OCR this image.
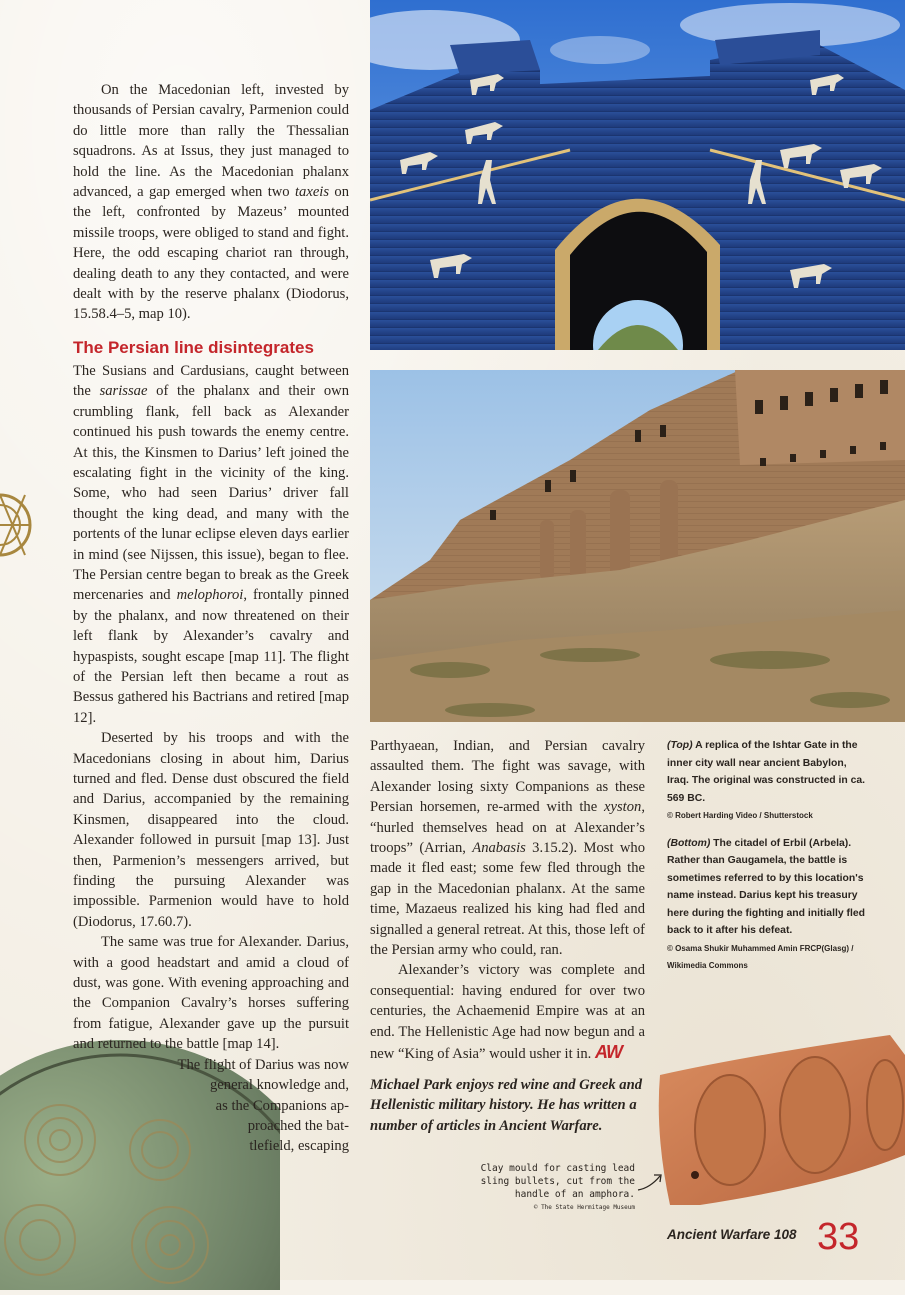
On the Macedonian left, invested by thousands of Persian cavalry, Parmenion could do little more than rally the Thessalian squadrons. As at Issus, they just managed to hold the line. As the Macedonian phalanx advanced, a gap emerged when two taxeis on the left, confronted by Mazeus’ mounted missile troops, were obliged to stand and fight. Here, the odd escaping chariot ran through, dealing death to any they contacted, and were dealt with by the reserve phalanx (Diodorus, 15.58.4–5, map 10).

The Persian line disintegrates

The Susians and Cardusians, caught between the sarissae of the phalanx and their own crumbling flank, fell back as Alexander continued his push towards the enemy centre. At this, the Kinsmen to Darius’ left joined the escalating fight in the vicinity of the king. Some, who had seen Darius’ driver fall thought the king dead, and many with the portents of the lunar eclipse eleven days earlier in mind (see Nijssen, this issue), began to flee. The Persian centre began to break as the Greek mercenaries and melophoroi, frontally pinned by the phalanx, and now threatened on their left flank by Alexander’s cavalry and hypaspists, sought escape [map 11]. The flight of the Persian left then became a rout as Bessus gathered his Bactrians and retired [map 12].

Deserted by his troops and with the Macedonians closing in about him, Darius turned and fled. Dense dust obscured the field and Darius, accompanied by the remaining Kinsmen, disappeared into the cloud. Alexander followed in pursuit [map 13]. Just then, Parmenion’s messengers arrived, but finding the pursuing Alexander was impossible. Parmenion would have to hold (Diodorus, 17.60.7).

The same was true for Alexander. Darius, with a good headstart and amid a cloud of dust, was gone. With evening approaching and the Companion Cavalry’s horses suffering from fatigue, Alexander gave up the pursuit and returned to the battle [map 14].

The flight of Darius was now
general knowledge and,
as the Companions ap-
proached the bat-
tlefield, escaping

Parthyaean, Indian, and Persian cavalry assaulted them. The fight was savage, with Alexander losing sixty Companions as these Persian horsemen, re-armed with the xyston, “hurled themselves head on at Alexander’s troops” (Arrian, Anabasis 3.15.2). Most who made it fled east; some few fled through the gap in the Macedonian phalanx. At the same time, Mazaeus realized his king had fled and signalled a general retreat. At this, those left of the Persian army who could, ran.

Alexander’s victory was complete and consequential: having endured for over two centuries, the Achaemenid Empire was at an end. The Hellenistic Age had now begun and a new “King of Asia” would usher it in. AW

Michael Park enjoys red wine and Greek and Hellenistic military history. He has written a number of articles in Ancient Warfare.
(Top) A replica of the Ishtar Gate in the inner city wall near ancient Babylon, Iraq. The original was constructed in ca. 569 BC.
© Robert Harding Video / Shutterstock
(Bottom) The citadel of Erbil (Arbela). Rather than Gaugamela, the battle is sometimes referred to by this location's name instead. Darius kept his treasury here during the fighting and initially fled back to it after his defeat.
© Osama Shukir Muhammed Amin FRCP(Glasg) / Wikimedia Commons
Clay mould for casting lead sling bullets, cut from the handle of an amphora.
© The State Hermitage Museum
Ancient Warfare 108 33
